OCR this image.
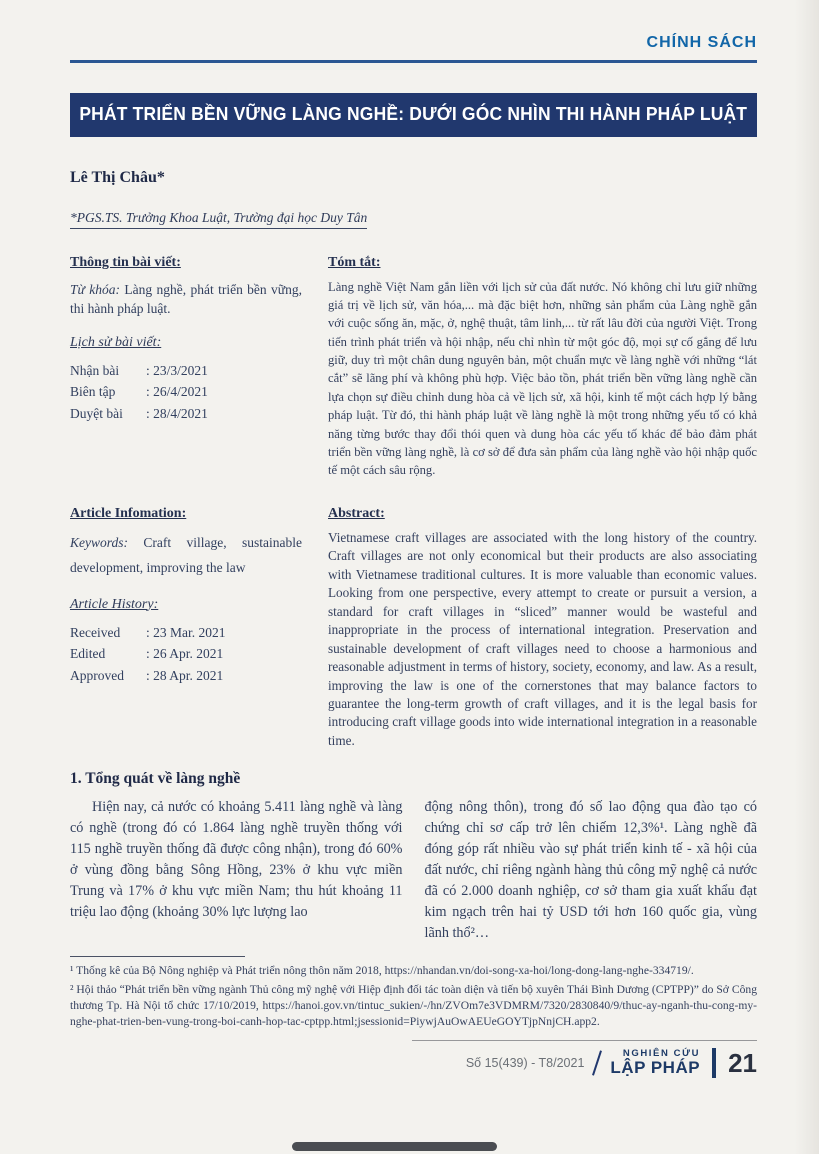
CHÍNH SÁCH
PHÁT TRIỂN BỀN VỮNG LÀNG NGHỀ: DƯỚI GÓC NHÌN THI HÀNH PHÁP LUẬT
Lê Thị Châu*

*PGS.TS. Trưởng Khoa Luật, Trường đại học Duy Tân
Thông tin bài viết:

Từ khóa: Làng nghề, phát triển bền vững, thi hành pháp luật.

Lịch sử bài viết:
Nhận bài	: 23/3/2021
Biên tập	: 26/4/2021
Duyệt bài	: 28/4/2021
Tóm tắt:

Làng nghề Việt Nam gắn liền với lịch sử của đất nước. Nó không chỉ lưu giữ những giá trị về lịch sử, văn hóa,... mà đặc biệt hơn, những sản phẩm của Làng nghề gắn với cuộc sống ăn, mặc, ở, nghệ thuật, tâm linh,... từ rất lâu đời của người Việt. Trong tiến trình phát triển và hội nhập, nếu chỉ nhìn từ một góc độ, mọi sự cố gắng để lưu giữ, duy trì một chân dung nguyên bản, một chuẩn mực về làng nghề với những “lát cắt” sẽ lãng phí và không phù hợp. Việc bảo tồn, phát triển bền vững làng nghề cần lựa chọn sự điều chỉnh dung hòa cả về lịch sử, xã hội, kinh tế một cách hợp lý bằng pháp luật. Từ đó, thi hành pháp luật về làng nghề là một trong những yếu tố có khả năng từng bước thay đổi thói quen và dung hòa các yếu tố khác để bảo đảm phát triển bền vững làng nghề, là cơ sở để đưa sản phẩm của làng nghề vào hội nhập quốc tế một cách sâu rộng.

Article Infomation:

Keywords: Craft village, sustainable development, improving the law

Article History:
Received	: 23 Mar. 2021
Edited	: 26 Apr. 2021
Approved	: 28 Apr. 2021
Abstract:

Vietnamese craft villages are associated with the long history of the country. Craft villages are not only economical but their products are also associating with Vietnamese traditional cultures. It is more valuable than economic values. Looking from one perspective, every attempt to create or pursuit a version, a standard for craft villages in “sliced” manner would be wasteful and inappropriate in the process of international integration. Preservation and sustainable development of craft villages need to choose a harmonious and reasonable adjustment in terms of history, society, economy, and law. As a result, improving the law is one of the cornerstones that may balance factors to guarantee the long-term growth of craft villages, and it is the legal basis for introducing craft village goods into wide international integration in a reasonable time.

1. Tổng quát về làng nghề
Hiện nay, cả nước có khoảng 5.411 làng nghề và làng có nghề (trong đó có 1.864 làng nghề truyền thống với 115 nghề truyền thống đã được công nhận), trong đó 60% ở vùng đồng bằng Sông Hồng, 23% ở khu vực miền Trung và 17% ở khu vực miền Nam; thu hút khoảng 11 triệu lao động (khoảng 30% lực lượng lao
động nông thôn), trong đó số lao động qua đào tạo có chứng chỉ sơ cấp trở lên chiếm 12,3%¹. Làng nghề đã đóng góp rất nhiều vào sự phát triển kinh tế - xã hội của đất nước, chỉ riêng ngành hàng thủ công mỹ nghệ cả nước đã có 2.000 doanh nghiệp, cơ sở tham gia xuất khẩu đạt kim ngạch trên hai tỷ USD tới hơn 160 quốc gia, vùng lãnh thổ²…

¹ Thống kê của Bộ Nông nghiệp và Phát triển nông thôn năm 2018, https://nhandan.vn/doi-song-xa-hoi/long-dong-lang-nghe-334719/.

² Hội thảo “Phát triển bền vững ngành Thủ công mỹ nghệ với Hiệp định đối tác toàn diện và tiến bộ xuyên Thái Bình Dương (CPTPP)” do Sở Công thương Tp. Hà Nội tổ chức 17/10/2019, https://hanoi.gov.vn/tintuc_sukien/-/hn/ZVOm7e3VDMRM/7320/2830840/9/thuc-ay-nganh-thu-cong-my-nghe-phat-trien-ben-vung-trong-boi-canh-hop-tac-cptpp.html;jsessionid=PiywjAuOwAEUeGOYTjpNnjCH.app2.

Số 15(439) - T8/2021
NGHIÊN CỨU
LẬP PHÁP 21
